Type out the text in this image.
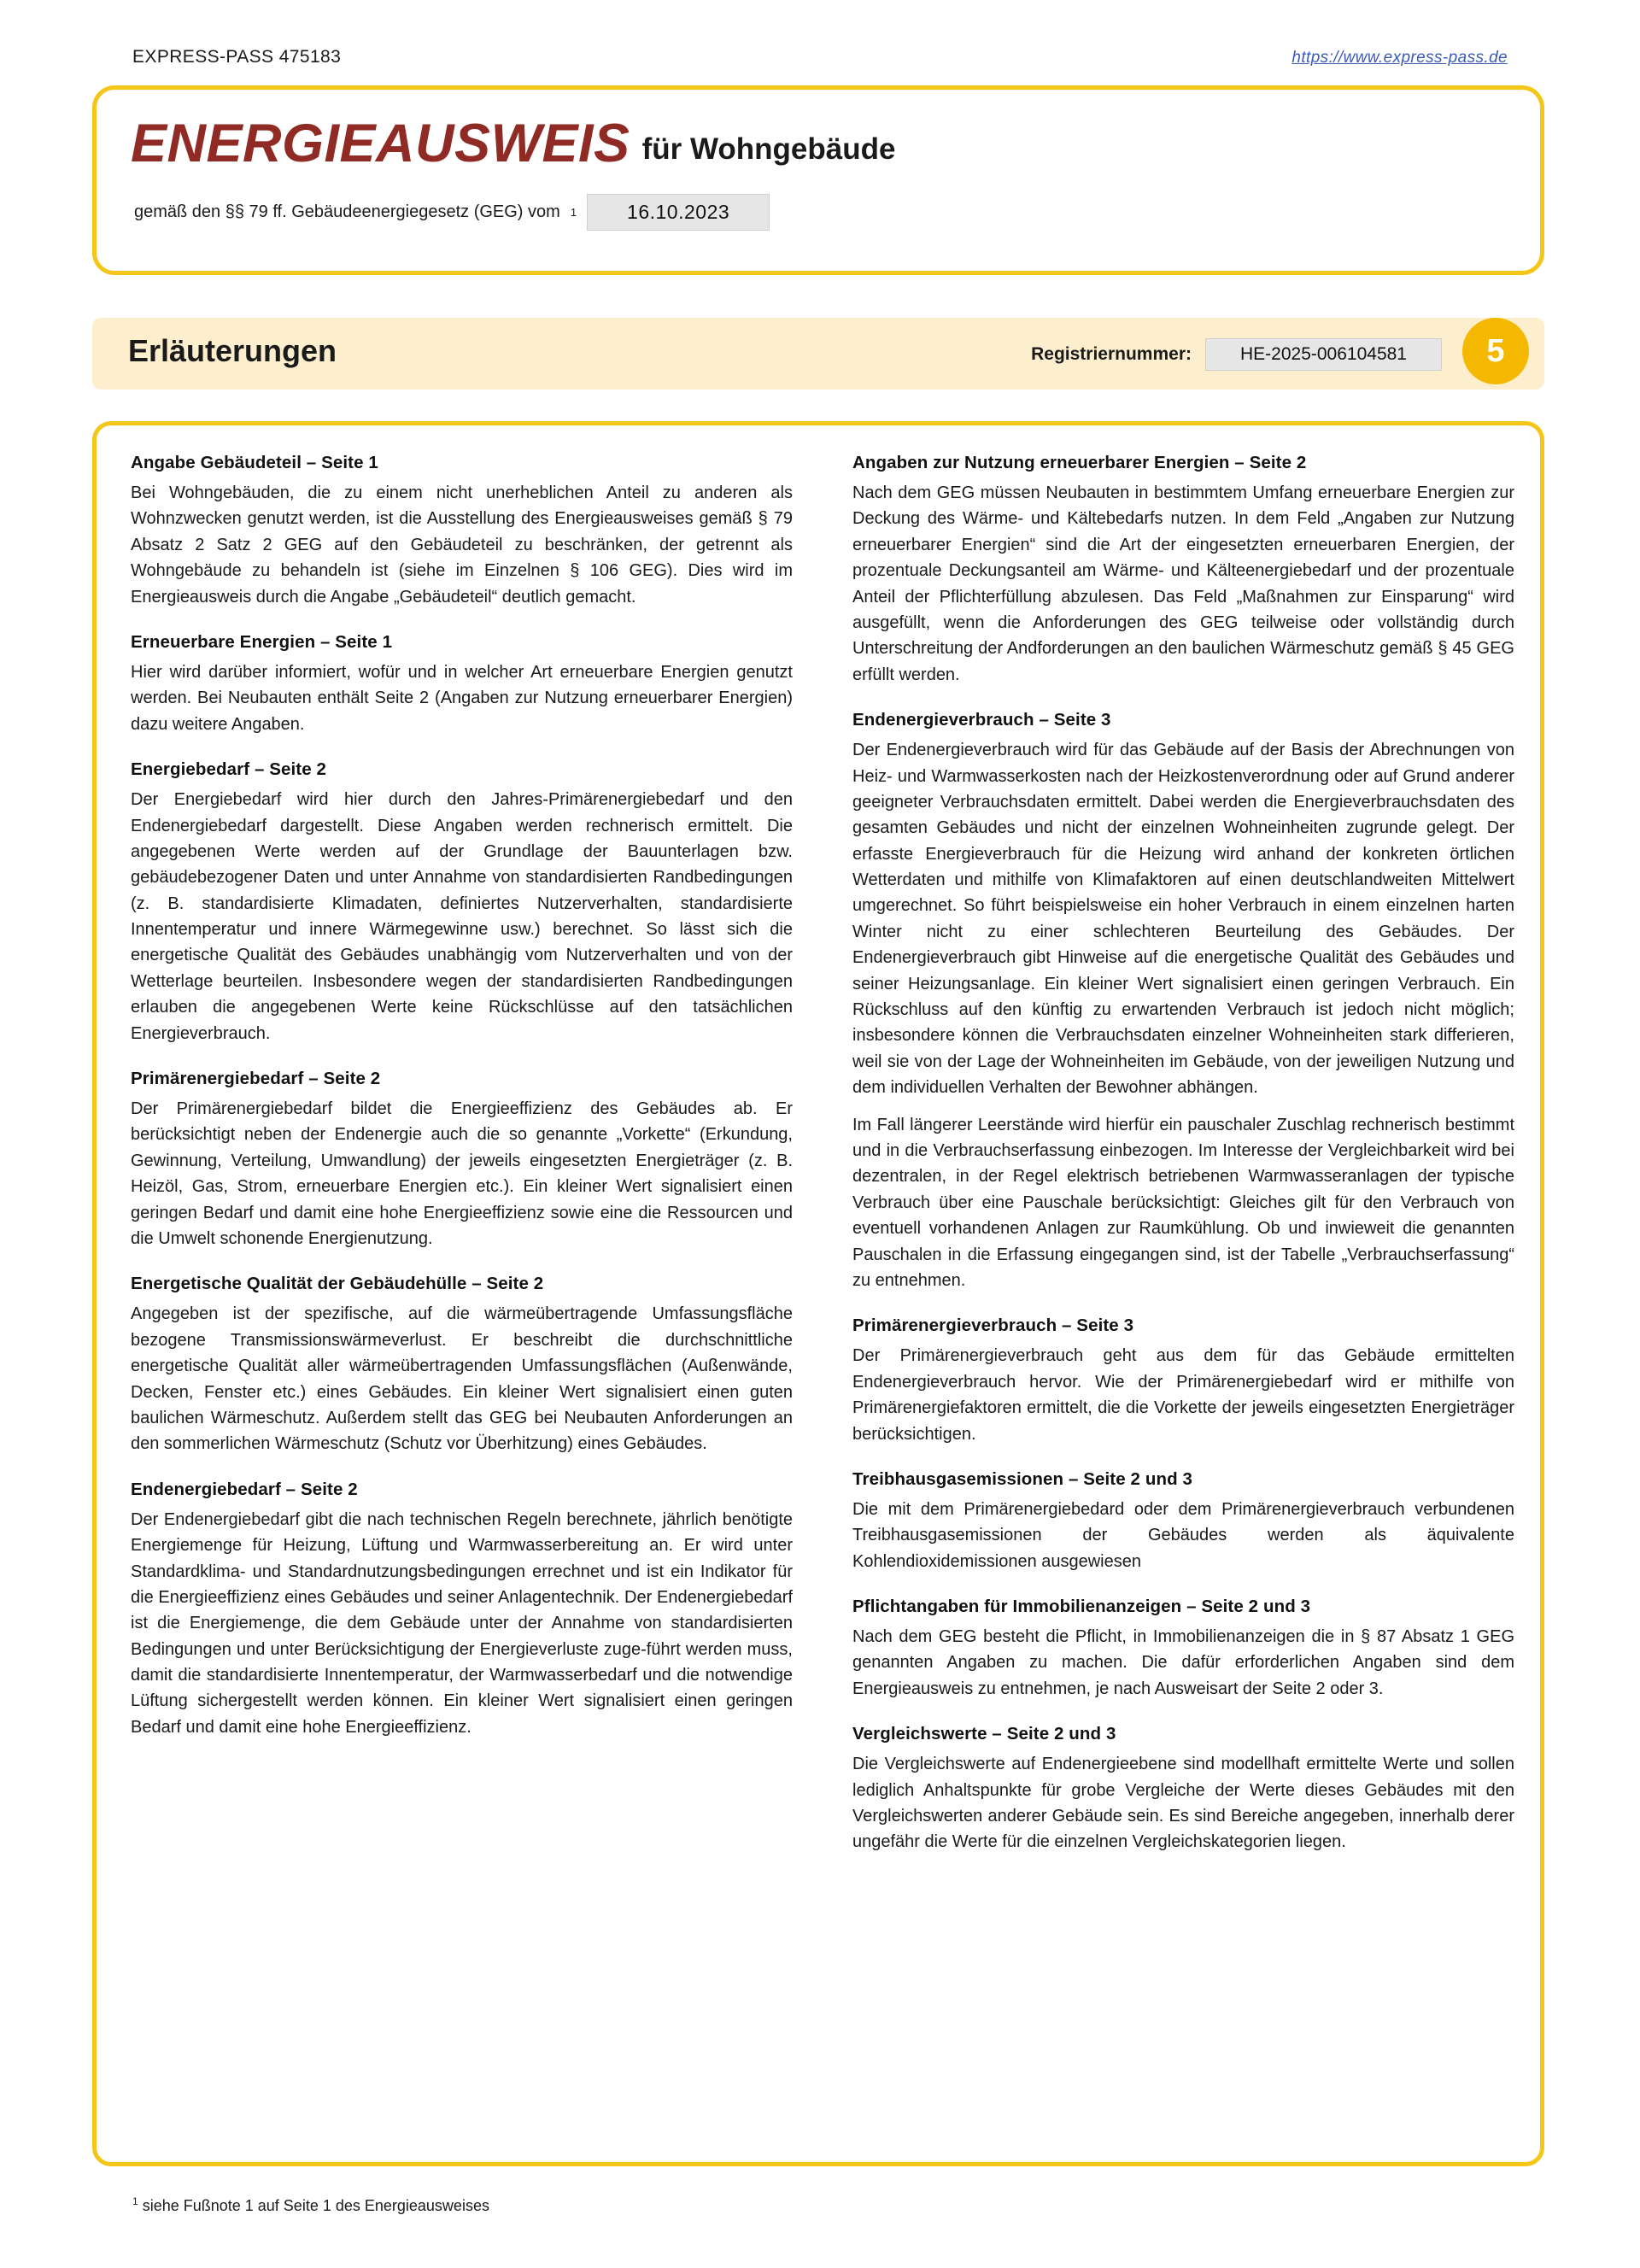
EXPRESS-PASS 475183	https://www.express-pass.de
ENERGIEAUSWEIS für Wohngebäude
gemäß den §§ 79 ff. Gebäudeenergiegesetz (GEG) vom 1	16.10.2023
Erläuterungen	Registriernummer:	HE-2025-006104581	5
Angabe Gebäudeteil – Seite 1

Bei Wohngebäuden, die zu einem nicht unerheblichen Anteil zu anderen als Wohnzwecken genutzt werden, ist die Ausstellung des Energieausweises gemäß § 79 Absatz 2 Satz 2 GEG auf den Gebäudeteil zu beschränken, der getrennt als Wohngebäude zu behandeln ist (siehe im Einzelnen § 106 GEG). Dies wird im Energieausweis durch die Angabe „Gebäudeteil“ deutlich gemacht.

Erneuerbare Energien – Seite 1

Hier wird darüber informiert, wofür und in welcher Art erneuerbare Energien genutzt werden. Bei Neubauten enthält Seite 2 (Angaben zur Nutzung erneuerbarer Energien) dazu weitere Angaben.

Energiebedarf – Seite 2

Der Energiebedarf wird hier durch den Jahres-Primärenergiebedarf und den Endenergiebedarf dargestellt. Diese Angaben werden rechnerisch ermittelt. Die angegebenen Werte werden auf der Grundlage der Bauunterlagen bzw. gebäudebezogener Daten und unter Annahme von standardisierten Randbedingungen (z. B. standardisierte Klimadaten, definiertes Nutzerverhalten, standardisierte Innentemperatur und innere Wärmegewinne usw.) berechnet. So lässt sich die energetische Qualität des Gebäudes unabhängig vom Nutzerverhalten und von der Wetterlage beurteilen. Insbesondere wegen der standardisierten Randbedingungen erlauben die angegebenen Werte keine Rückschlüsse auf den tatsächlichen Energieverbrauch.

Primärenergiebedarf – Seite 2

Der Primärenergiebedarf bildet die Energieeffizienz des Gebäudes ab. Er berücksichtigt neben der Endenergie auch die so genannte „Vorkette“ (Erkundung, Gewinnung, Verteilung, Umwandlung) der jeweils eingesetzten Energieträger (z. B. Heizöl, Gas, Strom, erneuerbare Energien etc.). Ein kleiner Wert signalisiert einen geringen Bedarf und damit eine hohe Energieeffizienz sowie eine die Ressourcen und die Umwelt schonende Energienutzung.

Energetische Qualität der Gebäudehülle – Seite 2

Angegeben ist der spezifische, auf die wärmeübertragende Umfassungsfläche bezogene Transmissionswärmeverlust. Er beschreibt die durchschnittliche energetische Qualität aller wärmeübertragenden Umfassungsflächen (Außenwände, Decken, Fenster etc.) eines Gebäudes. Ein kleiner Wert signalisiert einen guten baulichen Wärmeschutz. Außerdem stellt das GEG bei Neubauten Anforderungen an den sommerlichen Wärmeschutz (Schutz vor Überhitzung) eines Gebäudes.

Endenergiebedarf – Seite 2

Der Endenergiebedarf gibt die nach technischen Regeln berechnete, jährlich benötigte Energiemenge für Heizung, Lüftung und Warmwasserbereitung an. Er wird unter Standardklima- und Standardnutzungsbedingungen errechnet und ist ein Indikator für die Energieeffizienz eines Gebäudes und seiner Anlagentechnik. Der Endenergiebedarf ist die Energiemenge, die dem Gebäude unter der Annahme von standardisierten Bedingungen und unter Berücksichtigung der Energieverluste zuge-führt werden muss, damit die standardisierte Innentemperatur, der Warmwasserbedarf und die notwendige Lüftung sichergestellt werden können. Ein kleiner Wert signalisiert einen geringen Bedarf und damit eine hohe Energieeffizienz.

Angaben zur Nutzung erneuerbarer Energien – Seite 2

Nach dem GEG müssen Neubauten in bestimmtem Umfang erneuerbare Energien zur Deckung des Wärme- und Kältebedarfs nutzen. In dem Feld „Angaben zur Nutzung erneuerbarer Energien“ sind die Art der eingesetzten erneuerbaren Energien, der prozentuale Deckungsanteil am Wärme- und Kälteenergiebedarf und der prozentuale Anteil der Pflichterfüllung abzulesen. Das Feld „Maßnahmen zur Einsparung“ wird ausgefüllt, wenn die Anforderungen des GEG teilweise oder vollständig durch Unterschreitung der Andforderungen an den baulichen Wärmeschutz gemäß § 45 GEG erfüllt werden.

Endenergieverbrauch – Seite 3

Der Endenergieverbrauch wird für das Gebäude auf der Basis der Abrechnungen von Heiz- und Warmwasserkosten nach der Heizkostenverordnung oder auf Grund anderer geeigneter Verbrauchsdaten ermittelt. Dabei werden die Energieverbrauchsdaten des gesamten Gebäudes und nicht der einzelnen Wohneinheiten zugrunde gelegt. Der erfasste Energieverbrauch für die Heizung wird anhand der konkreten örtlichen Wetterdaten und mithilfe von Klimafaktoren auf einen deutschlandweiten Mittelwert umgerechnet. So führt beispielsweise ein hoher Verbrauch in einem einzelnen harten Winter nicht zu einer schlechteren Beurteilung des Gebäudes. Der Endenergieverbrauch gibt Hinweise auf die energetische Qualität des Gebäudes und seiner Heizungsanlage. Ein kleiner Wert signalisiert einen geringen Verbrauch. Ein Rückschluss auf den künftig zu erwartenden Verbrauch ist jedoch nicht möglich; insbesondere können die Verbrauchsdaten einzelner Wohneinheiten stark differieren, weil sie von der Lage der Wohneinheiten im Gebäude, von der jeweiligen Nutzung und dem individuellen Verhalten der Bewohner abhängen.

Im Fall längerer Leerstände wird hierfür ein pauschaler Zuschlag rechnerisch bestimmt und in die Verbrauchserfassung einbezogen. Im Interesse der Vergleichbarkeit wird bei dezentralen, in der Regel elektrisch betriebenen Warmwasseranlagen der typische Verbrauch über eine Pauschale berücksichtigt: Gleiches gilt für den Verbrauch von eventuell vorhandenen Anlagen zur Raumkühlung. Ob und inwieweit die genannten Pauschalen in die Erfassung eingegangen sind, ist der Tabelle „Verbrauchserfassung“ zu entnehmen.

Primärenergieverbrauch – Seite 3

Der Primärenergieverbrauch geht aus dem für das Gebäude ermittelten Endenergieverbrauch hervor. Wie der Primärenergiebedarf wird er mithilfe von Primärenergiefaktoren ermittelt, die die Vorkette der jeweils eingesetzten Energieträger berücksichtigen.

Treibhausgasemissionen – Seite 2 und 3

Die mit dem Primärenergiebedard oder dem Primärenergieverbrauch verbundenen Treibhausgasemissionen der Gebäudes werden als äquivalente Kohlendioxidemissionen ausgewiesen

Pflichtangaben für Immobilienanzeigen – Seite 2 und 3

Nach dem GEG besteht die Pflicht, in Immobilienanzeigen die in § 87 Absatz 1 GEG genannten Angaben zu machen. Die dafür erforderlichen Angaben sind dem Energieausweis zu entnehmen, je nach Ausweisart der Seite 2 oder 3.

Vergleichswerte – Seite 2 und 3

Die Vergleichswerte auf Endenergieebene sind modellhaft ermittelte Werte und sollen lediglich Anhaltspunkte für grobe Vergleiche der Werte dieses Gebäudes mit den Vergleichswerten anderer Gebäude sein. Es sind Bereiche angegeben, innerhalb derer ungefähr die Werte für die einzelnen Vergleichskategorien liegen.

$^1$ siehe Fußnote 1 auf Seite 1 des Energieausweises
